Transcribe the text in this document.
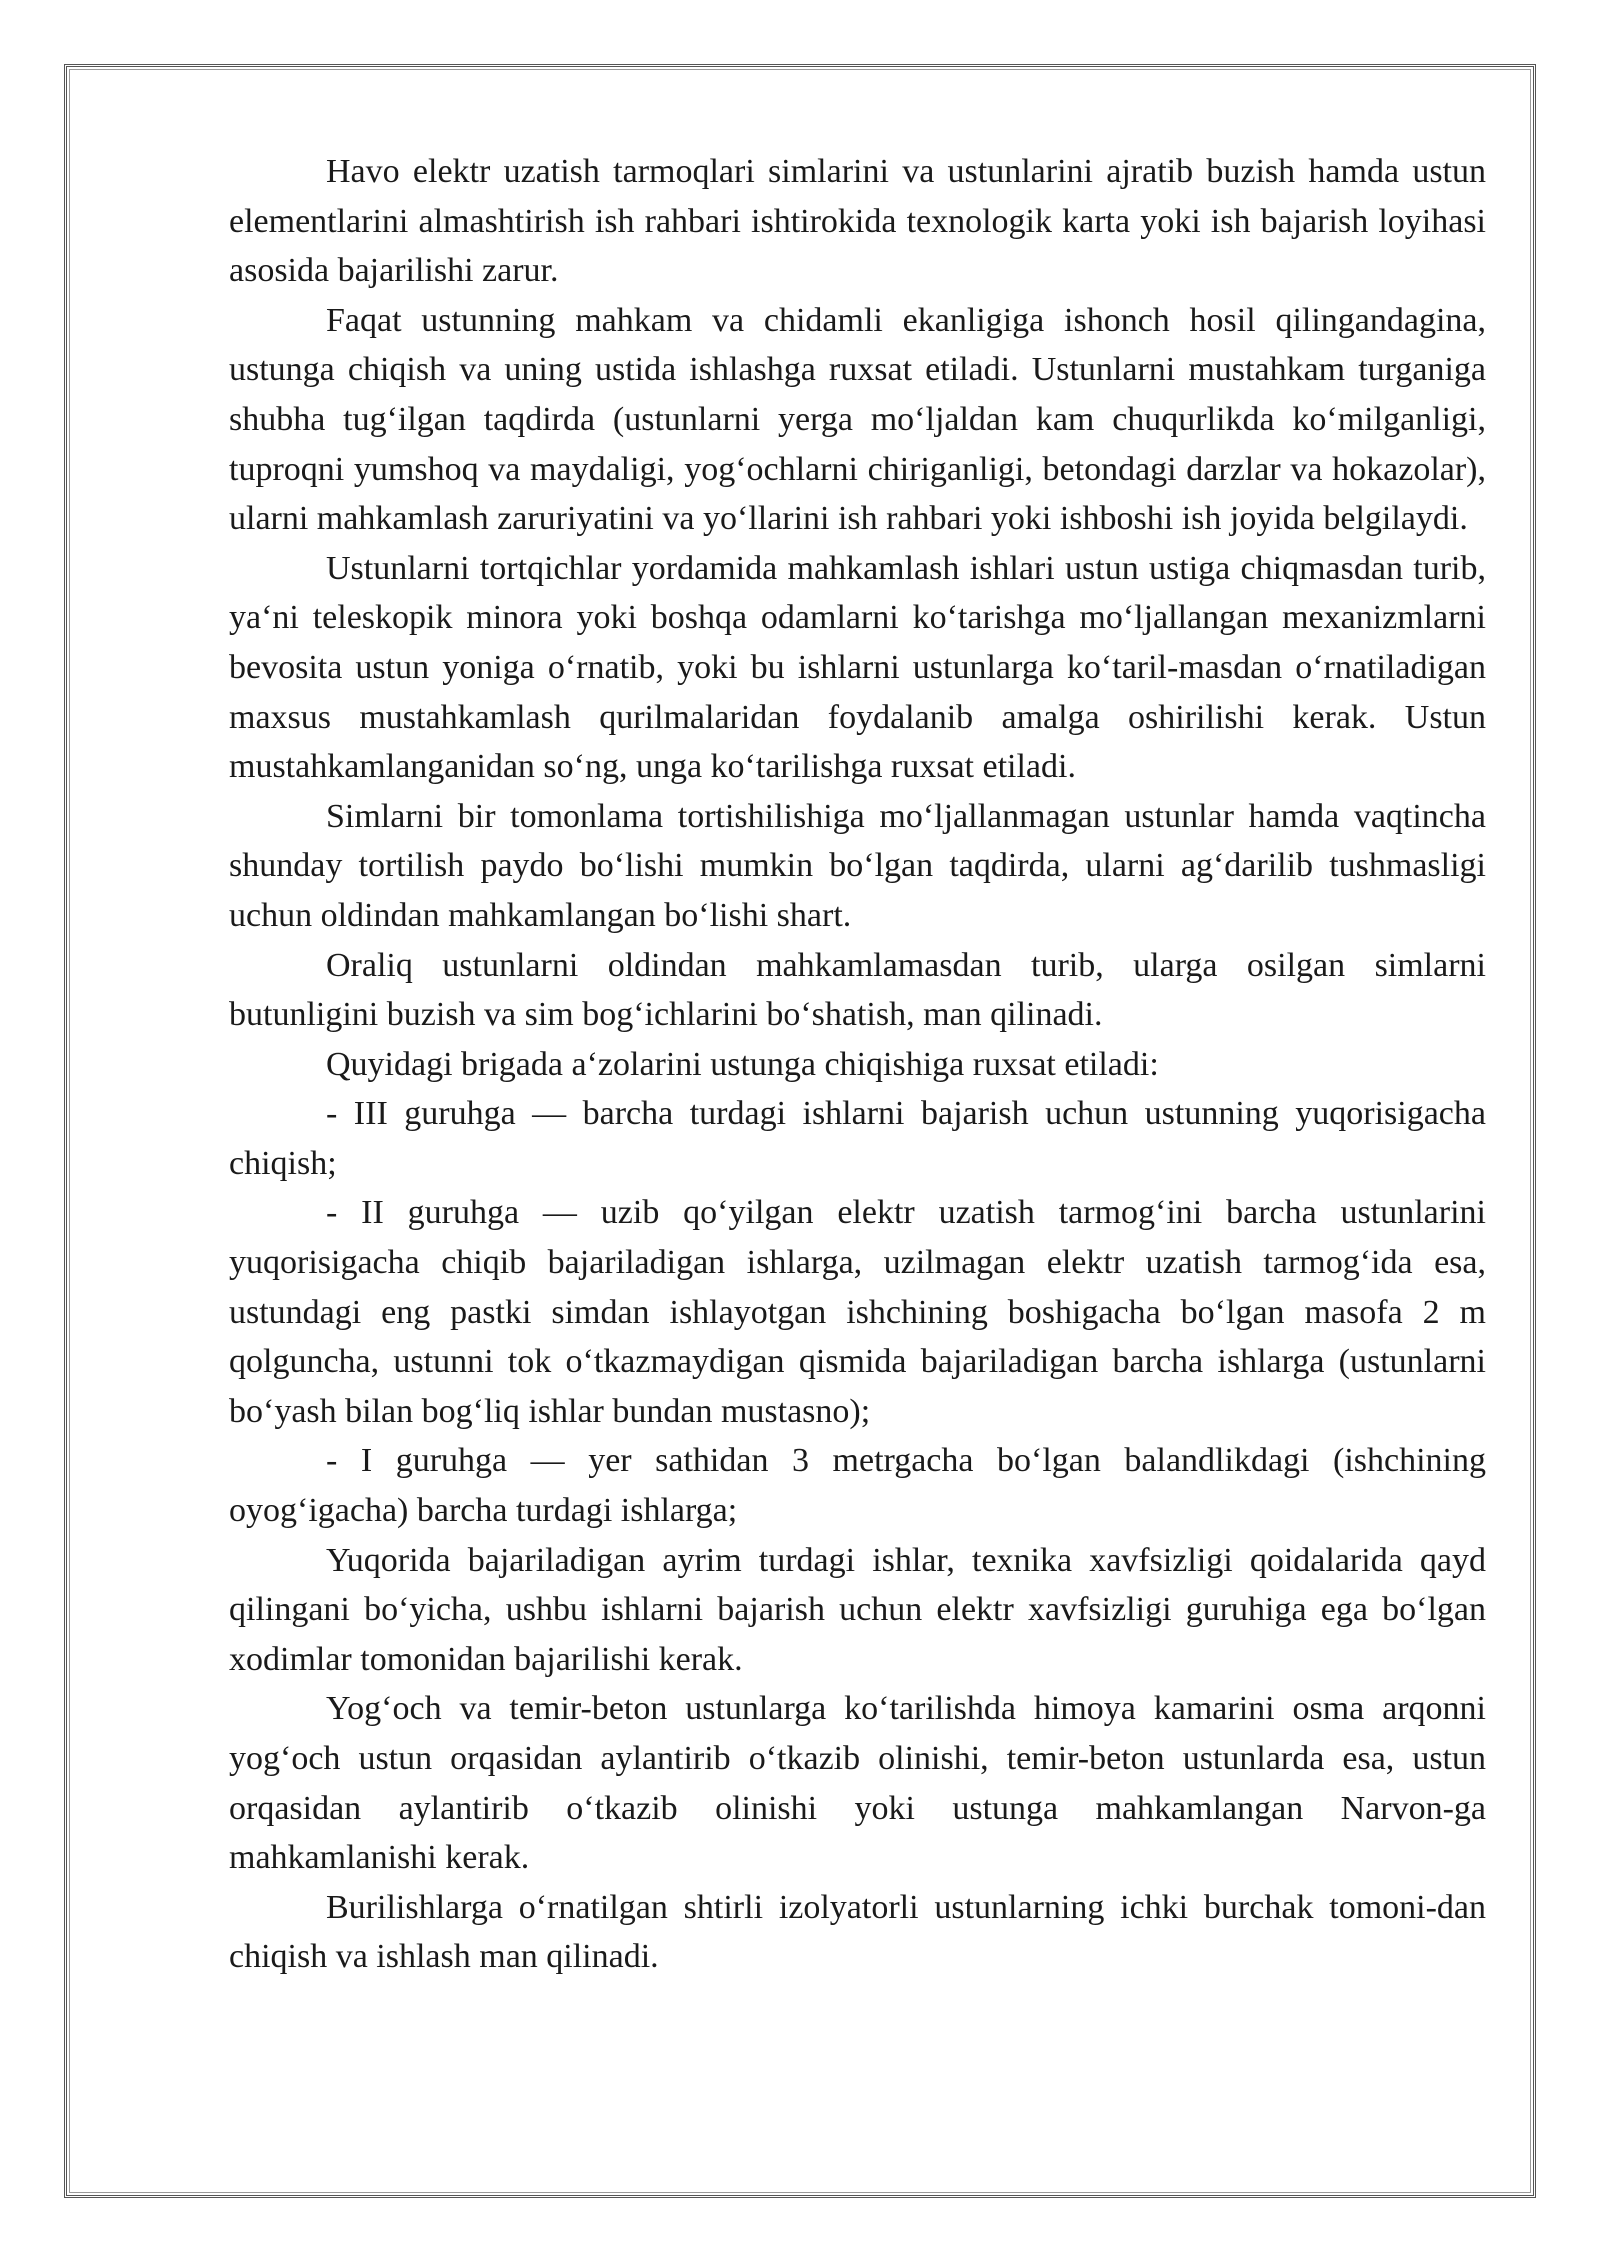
Havo elektr uzatish tarmoqlari simlarini va ustunlarini ajratib buzish hamda ustun elementlarini almashtirish ish rahbari ishtirokida texnologik karta yoki ish bajarish loyihasi asosida bajarilishi zarur.

Faqat ustunning mahkam va chidamli ekanligiga ishonch hosil qilingandagina, ustunga chiqish va uning ustida ishlashga ruxsat etiladi. Ustunlarni mustahkam turganiga shubha tug‘ilgan taqdirda (ustunlarni yerga mo‘ljaldan kam chuqurlikda ko‘milganligi, tuproqni yumshoq va maydaligi, yog‘ochlarni chiriganligi, betondagi darzlar va hokazolar), ularni mahkamlash zaruriyatini va yo‘llarini ish rahbari yoki ishboshi ish joyida belgilaydi.

Ustunlarni tortqichlar yordamida mahkamlash ishlari ustun ustiga chiqmasdan turib, ya‘ni teleskopik minora yoki boshqa odamlarni ko‘tarishga mo‘ljallangan mexanizmlarni bevosita ustun yoniga o‘rnatib, yoki bu ishlarni ustunlarga ko‘taril-masdan o‘rnatiladigan maxsus mustahkamlash qurilmalaridan foydalanib amalga oshirilishi kerak. Ustun mustahkamlanganidan so‘ng, unga ko‘tarilishga ruxsat etiladi.

Simlarni bir tomonlama tortishilishiga mo‘ljallanmagan ustunlar hamda vaqtincha shunday tortilish paydo bo‘lishi mumkin bo‘lgan taqdirda, ularni ag‘darilib tushmasligi uchun oldindan mahkamlangan bo‘lishi shart.

Oraliq ustunlarni oldindan mahkamlamasdan turib, ularga osilgan simlarni butunligini buzish va sim bog‘ichlarini bo‘shatish, man qilinadi.

Quyidagi brigada a‘zolarini ustunga chiqishiga ruxsat etiladi:

- III guruhga — barcha turdagi ishlarni bajarish uchun ustunning yuqorisigacha chiqish;

- II guruhga — uzib qo‘yilgan elektr uzatish tarmog‘ini barcha ustunlarini yuqorisigacha chiqib bajariladigan ishlarga, uzilmagan elektr uzatish tarmog‘ida esa, ustundagi eng pastki simdan ishlayotgan ishchining boshigacha bo‘lgan masofa 2 m qolguncha, ustunni tok o‘tkazmaydigan qismida bajariladigan barcha ishlarga (ustunlarni bo‘yash bilan bog‘liq ishlar bundan mustasno);

- I guruhga — yer sathidan 3 metrgacha bo‘lgan balandlikdagi (ishchining oyog‘igacha) barcha turdagi ishlarga;

Yuqorida bajariladigan ayrim turdagi ishlar, texnika xavfsizligi qoidalarida qayd qilingani bo‘yicha, ushbu ishlarni bajarish uchun elektr xavfsizligi guruhiga ega bo‘lgan xodimlar tomonidan bajarilishi kerak.

Yog‘och va temir-beton ustunlarga ko‘tarilishda himoya kamarini osma arqonni yog‘och ustun orqasidan aylantirib o‘tkazib olinishi, temir-beton ustunlarda esa, ustun orqasidan aylantirib o‘tkazib olinishi yoki ustunga mahkamlangan Narvon-ga mahkamlanishi kerak.

Burilishlarga o‘rnatilgan shtirli izolyatorli ustunlarning ichki burchak tomoni-dan chiqish va ishlash man qilinadi.
